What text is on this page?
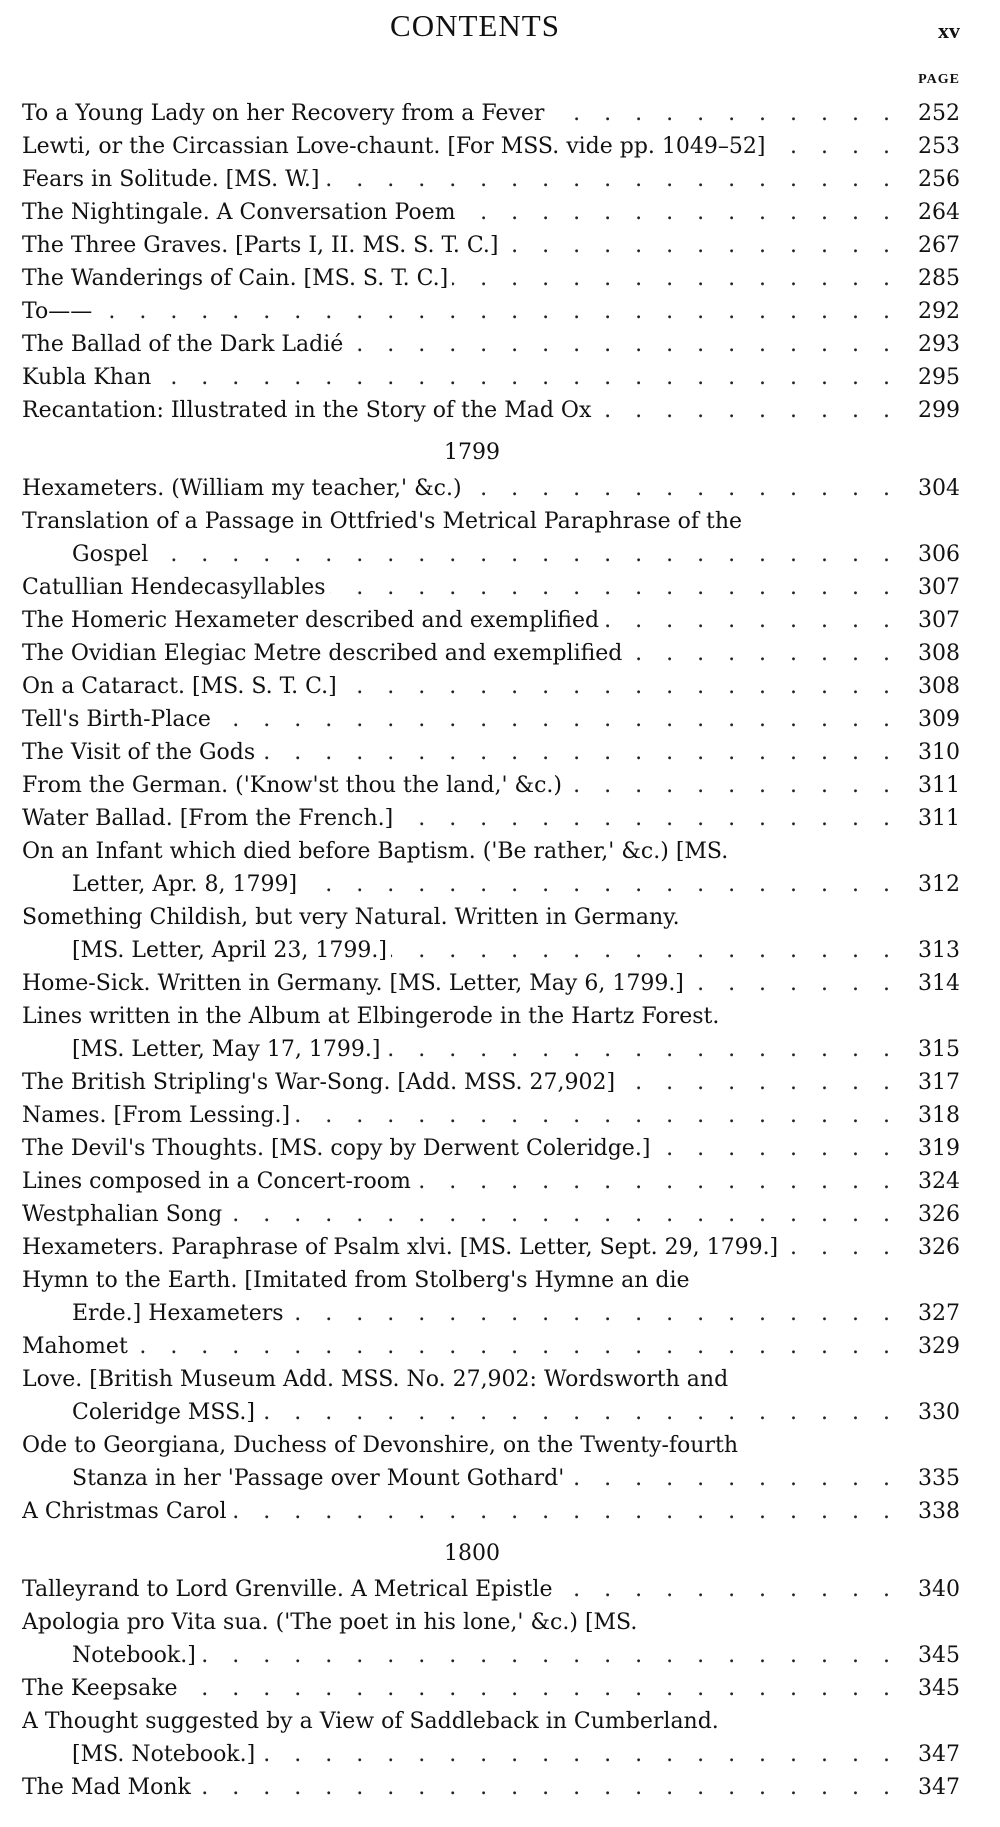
CONTENTS	xv
PAGE
. . .
To a Young Lady on her Recovery from a Fever	252
. . .
Lewti, or the Circassian Love-chaunt. [For MSS. vide pp. 1049–52]	253
. . .
Fears in Solitude. [MS. W.]	256
. . .
The Nightingale. A Conversation Poem	264
. . .
The Three Graves. [Parts I, II. MS. S. T. C.]	267
. . .
The Wanderings of Cain. [MS. S. T. C.]	285
. . .
To——	292
. . .
The Ballad of the Dark Ladié	293
. . .
Kubla Khan	295
. . .
Recantation: Illustrated in the Story of the Mad Ox	299
1799
. . .
Hexameters. (William my teacher,' &c.)	304
Translation of a Passage in Ottfried's Metrical Paraphrase of the
. . .
Gospel	306
. . .
Catullian Hendecasyllables	307
. . .
The Homeric Hexameter described and exemplified	307
. . .
The Ovidian Elegiac Metre described and exemplified	308
. . .
On a Cataract. [MS. S. T. C.]	308
. . .
Tell's Birth-Place	309
. . .
The Visit of the Gods	310
. . .
From the German. ('Know'st thou the land,' &c.)	311
. . .
Water Ballad. [From the French.]	311
On an Infant which died before Baptism. ('Be rather,' &c.) [MS.
. . .
Letter, Apr. 8, 1799]	312
Something Childish, but very Natural. Written in Germany.
. . .
[MS. Letter, April 23, 1799.]	313
. . .
Home-Sick. Written in Germany. [MS. Letter, May 6, 1799.]	314
Lines written in the Album at Elbingerode in the Hartz Forest.
. . .
[MS. Letter, May 17, 1799.]	315
. . .
The British Stripling's War-Song. [Add. MSS. 27,902]	317
. . .
Names. [From Lessing.]	318
. . .
The Devil's Thoughts. [MS. copy by Derwent Coleridge.]	319
. . .
Lines composed in a Concert-room	324
. . .
Westphalian Song	326
. . .
Hexameters. Paraphrase of Psalm xlvi. [MS. Letter, Sept. 29, 1799.]	326
Hymn to the Earth. [Imitated from Stolberg's Hymne an die
. . .
Erde.] Hexameters	327
. . .
Mahomet	329
Love. [British Museum Add. MSS. No. 27,902: Wordsworth and
. . .
Coleridge MSS.]	330
Ode to Georgiana, Duchess of Devonshire, on the Twenty-fourth
. . .
Stanza in her 'Passage over Mount Gothard'	335
. . .
A Christmas Carol	338
1800
. . .
Talleyrand to Lord Grenville. A Metrical Epistle	340
Apologia pro Vita sua. ('The poet in his lone,' &c.) [MS.
. . .
Notebook.]	345
. . .
The Keepsake	345
A Thought suggested by a View of Saddleback in Cumberland.
. . .
[MS. Notebook.]	347
. . .
The Mad Monk	347
